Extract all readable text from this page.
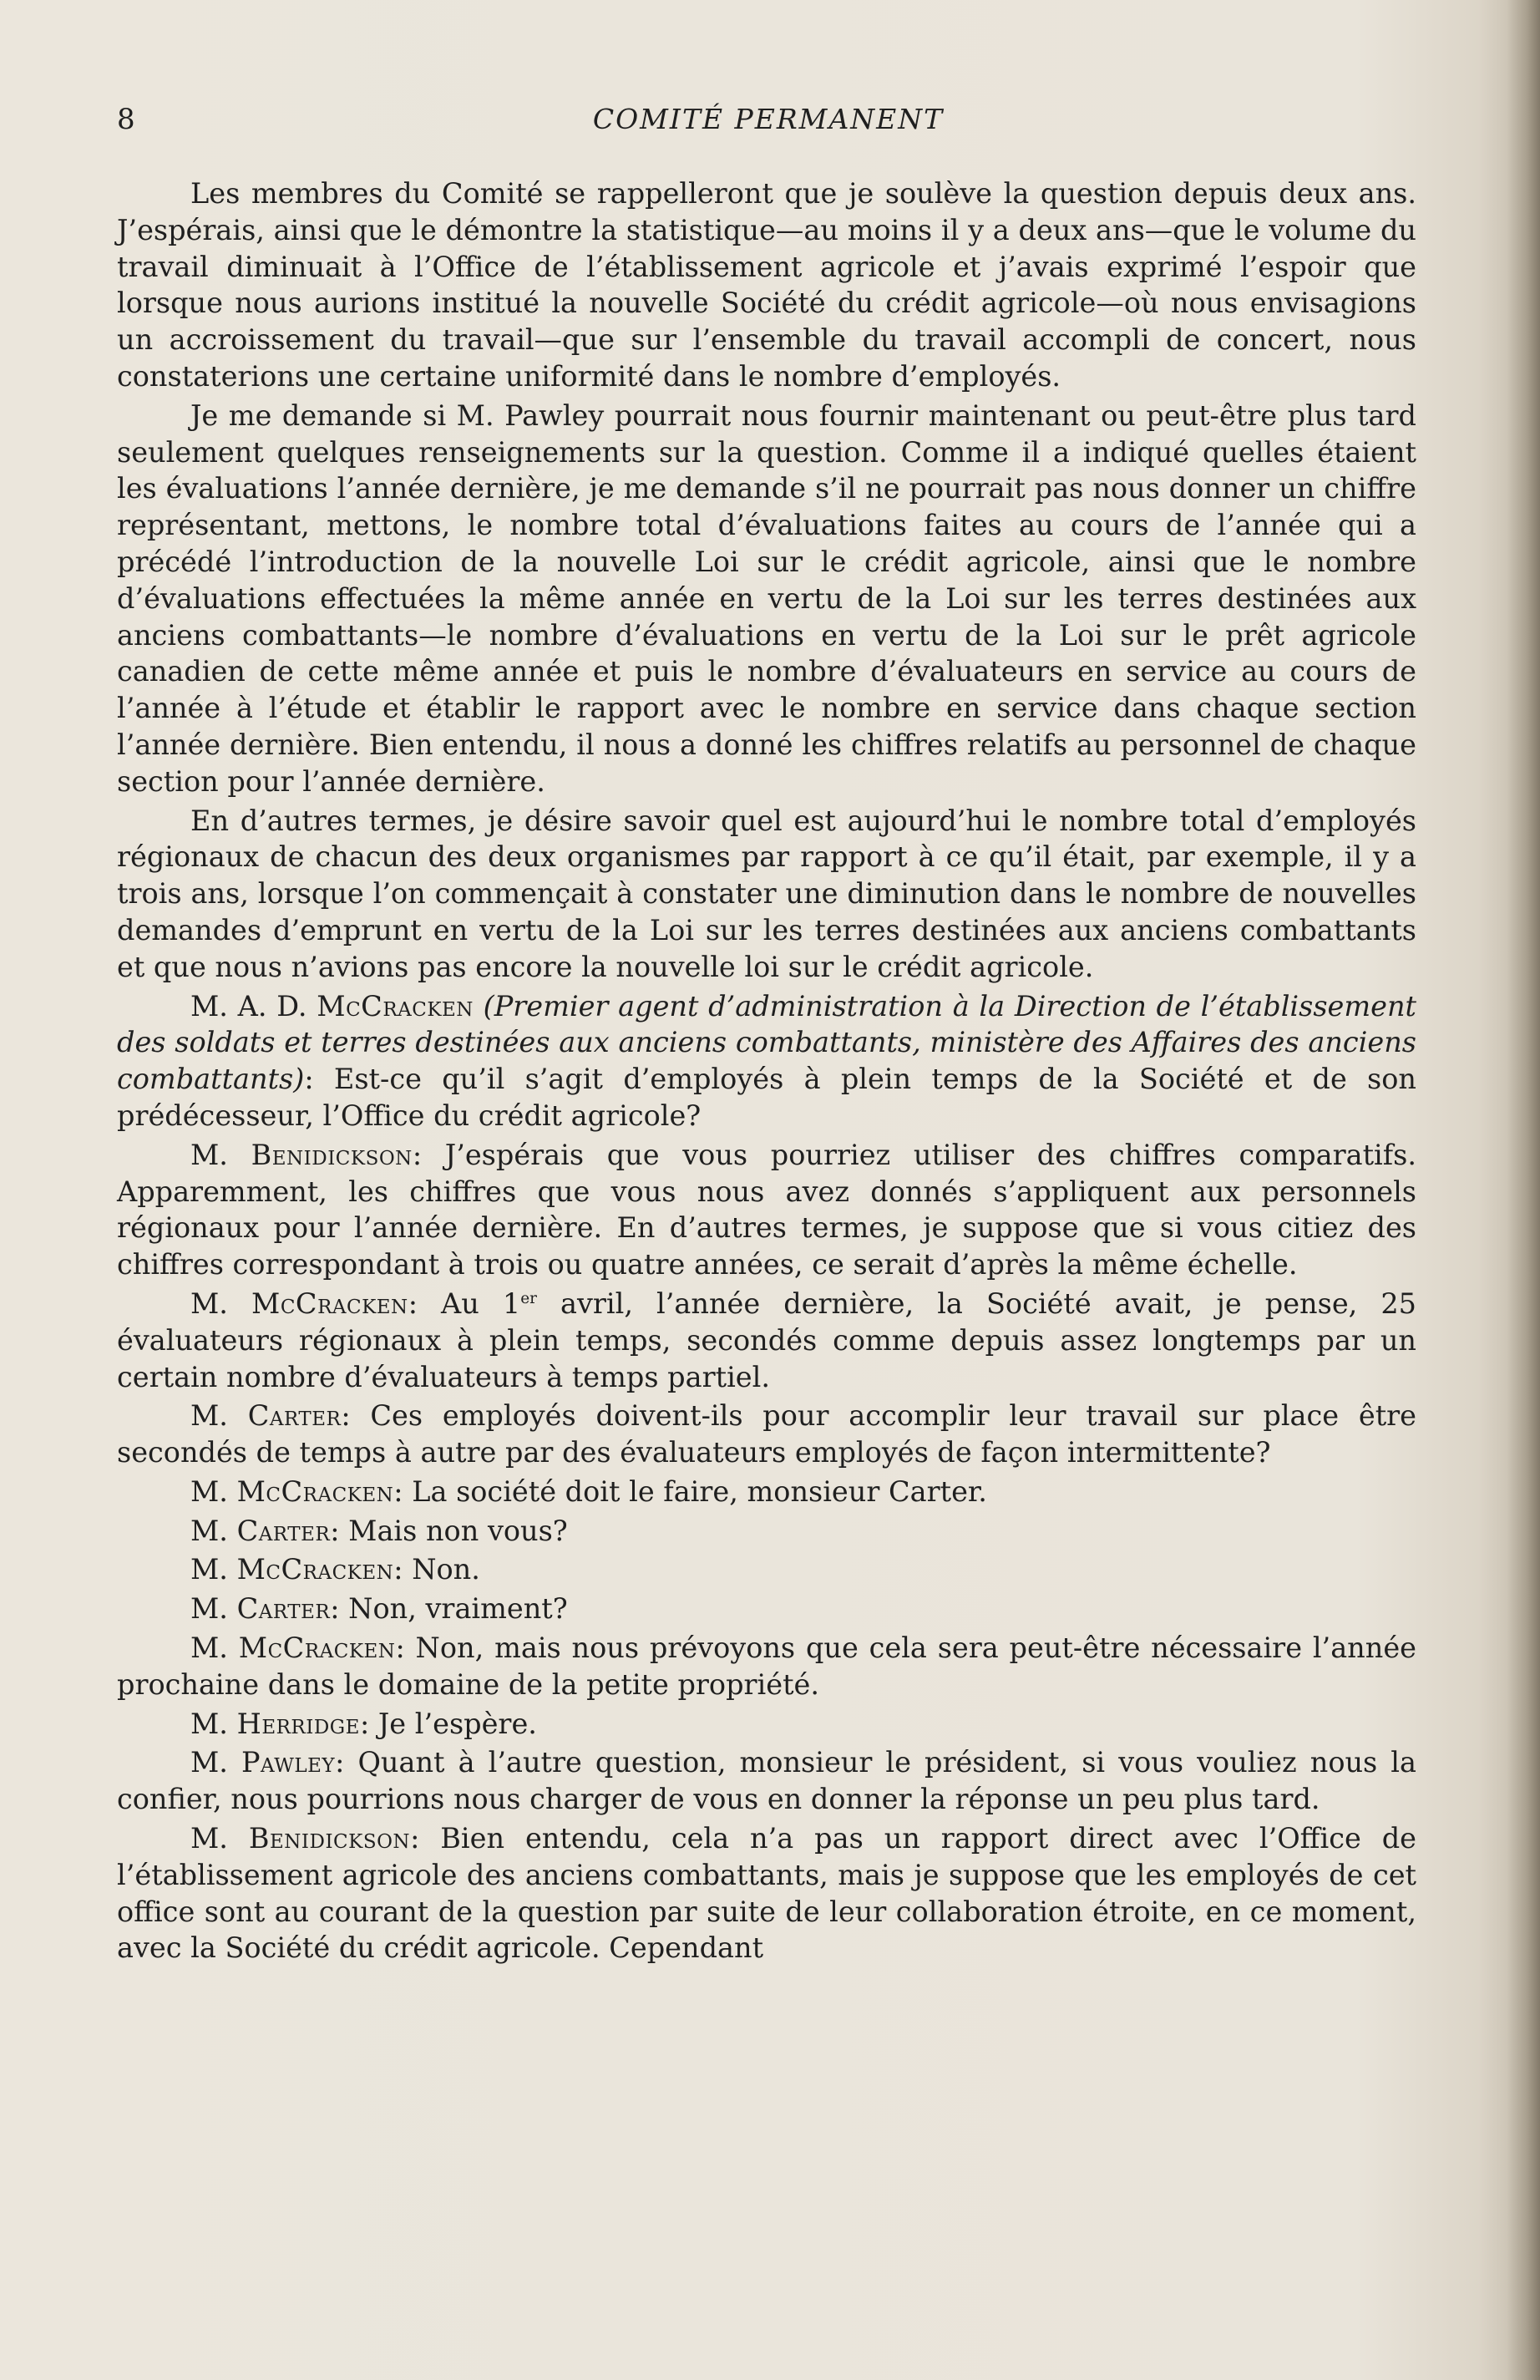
8	COMITÉ PERMANENT

Les membres du Comité se rappelleront que je soulève la question depuis deux ans. J’espérais, ainsi que le démontre la statistique—au moins il y a deux ans—que le volume du travail diminuait à l’Office de l’établissement agricole et j’avais exprimé l’espoir que lorsque nous aurions institué la nouvelle Société du crédit agricole—où nous envisagions un accroissement du travail—que sur l’ensemble du travail accompli de concert, nous constaterions une certaine uniformité dans le nombre d’employés.

Je me demande si M. Pawley pourrait nous fournir maintenant ou peut-être plus tard seulement quelques renseignements sur la question. Comme il a indiqué quelles étaient les évaluations l’année dernière, je me demande s’il ne pourrait pas nous donner un chiffre représentant, mettons, le nombre total d’évaluations faites au cours de l’année qui a précédé l’introduction de la nouvelle Loi sur le crédit agricole, ainsi que le nombre d’évaluations effectuées la même année en vertu de la Loi sur les terres destinées aux anciens combattants—le nombre d’évaluations en vertu de la Loi sur le prêt agricole canadien de cette même année et puis le nombre d’évaluateurs en service au cours de l’année à l’étude et établir le rapport avec le nombre en service dans chaque section l’année dernière. Bien entendu, il nous a donné les chiffres relatifs au personnel de chaque section pour l’année dernière.

En d’autres termes, je désire savoir quel est aujourd’hui le nombre total d’employés régionaux de chacun des deux organismes par rapport à ce qu’il était, par exemple, il y a trois ans, lorsque l’on commençait à constater une diminution dans le nombre de nouvelles demandes d’emprunt en vertu de la Loi sur les terres destinées aux anciens combattants et que nous n’avions pas encore la nouvelle loi sur le crédit agricole.

M. A. D. McCracken (Premier agent d’administration à la Direction de l’établissement des soldats et terres destinées aux anciens combattants, ministère des Affaires des anciens combattants): Est-ce qu’il s’agit d’employés à plein temps de la Société et de son prédécesseur, l’Office du crédit agricole?

M. Benidickson: J’espérais que vous pourriez utiliser des chiffres comparatifs. Apparemment, les chiffres que vous nous avez donnés s’appliquent aux personnels régionaux pour l’année dernière. En d’autres termes, je suppose que si vous citiez des chiffres correspondant à trois ou quatre années, ce serait d’après la même échelle.

M. McCracken: Au 1er avril, l’année dernière, la Société avait, je pense, 25 évaluateurs régionaux à plein temps, secondés comme depuis assez longtemps par un certain nombre d’évaluateurs à temps partiel.

M. Carter: Ces employés doivent-ils pour accomplir leur travail sur place être secondés de temps à autre par des évaluateurs employés de façon intermittente?

M. McCracken: La société doit le faire, monsieur Carter.

M. Carter: Mais non vous?

M. McCracken: Non.

M. Carter: Non, vraiment?

M. McCracken: Non, mais nous prévoyons que cela sera peut-être nécessaire l’année prochaine dans le domaine de la petite propriété.

M. Herridge: Je l’espère.

M. Pawley: Quant à l’autre question, monsieur le président, si vous vouliez nous la confier, nous pourrions nous charger de vous en donner la réponse un peu plus tard.

M. Benidickson: Bien entendu, cela n’a pas un rapport direct avec l’Office de l’établissement agricole des anciens combattants, mais je suppose que les employés de cet office sont au courant de la question par suite de leur collaboration étroite, en ce moment, avec la Société du crédit agricole. Cependant
